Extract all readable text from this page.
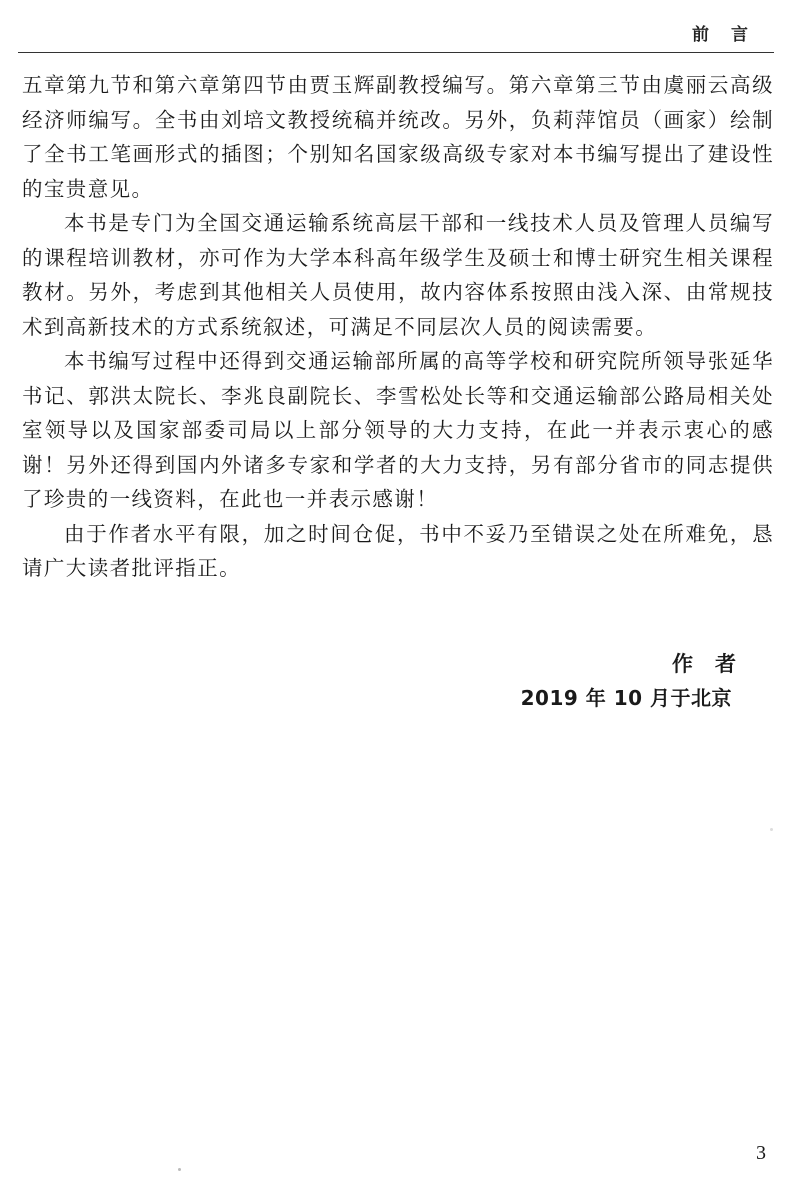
前言

五章第九节和第六章第四节由贾玉辉副教授编写。第六章第三节由虞丽云高级经济师编写。全书由刘培文教授统稿并统改。另外，负莉萍馆员（画家）绘制了全书工笔画形式的插图；个别知名国家级高级专家对本书编写提出了建设性的宝贵意见。

本书是专门为全国交通运输系统高层干部和一线技术人员及管理人员编写的课程培训教材，亦可作为大学本科高年级学生及硕士和博士研究生相关课程教材。另外，考虑到其他相关人员使用，故内容体系按照由浅入深、由常规技术到高新技术的方式系统叙述，可满足不同层次人员的阅读需要。

本书编写过程中还得到交通运输部所属的高等学校和研究院所领导张延华书记、郭洪太院长、李兆良副院长、李雪松处长等和交通运输部公路局相关处室领导以及国家部委司局以上部分领导的大力支持，在此一并表示衷心的感谢！另外还得到国内外诸多专家和学者的大力支持，另有部分省市的同志提供了珍贵的一线资料，在此也一并表示感谢！

由于作者水平有限，加之时间仓促，书中不妥乃至错误之处在所难免，恳请广大读者批评指正。

作者
2019 年 10 月于北京
3
